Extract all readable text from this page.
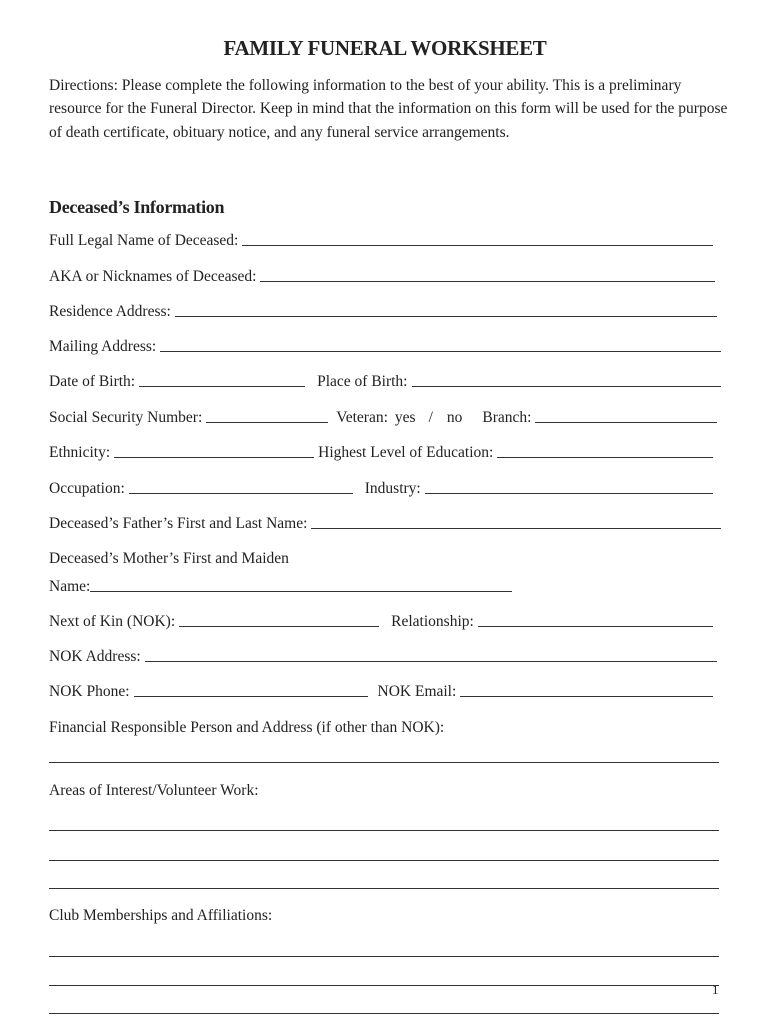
FAMILY FUNERAL WORKSHEET
Directions: Please complete the following information to the best of your ability. This is a preliminary resource for the Funeral Director. Keep in mind that the information on this form will be used for the purpose of death certificate, obituary notice, and any funeral service arrangements.
Deceased’s Information
Full Legal Name of Deceased:
AKA or Nicknames of Deceased:
Residence Address:
Mailing Address:
Date of Birth:	Place of Birth:
Social Security Number:	Veteran: yes / no Branch:
Ethnicity:	Highest Level of Education:
Occupation:	Industry:
Deceased’s Father’s First and Last Name:
Deceased’s Mother’s First and Maiden
Name:
Next of Kin (NOK):	Relationship:
NOK Address:
NOK Phone:	NOK Email:
Financial Responsible Person and Address (if other than NOK):
Areas of Interest/Volunteer Work:
Club Memberships and Affiliations:
1
